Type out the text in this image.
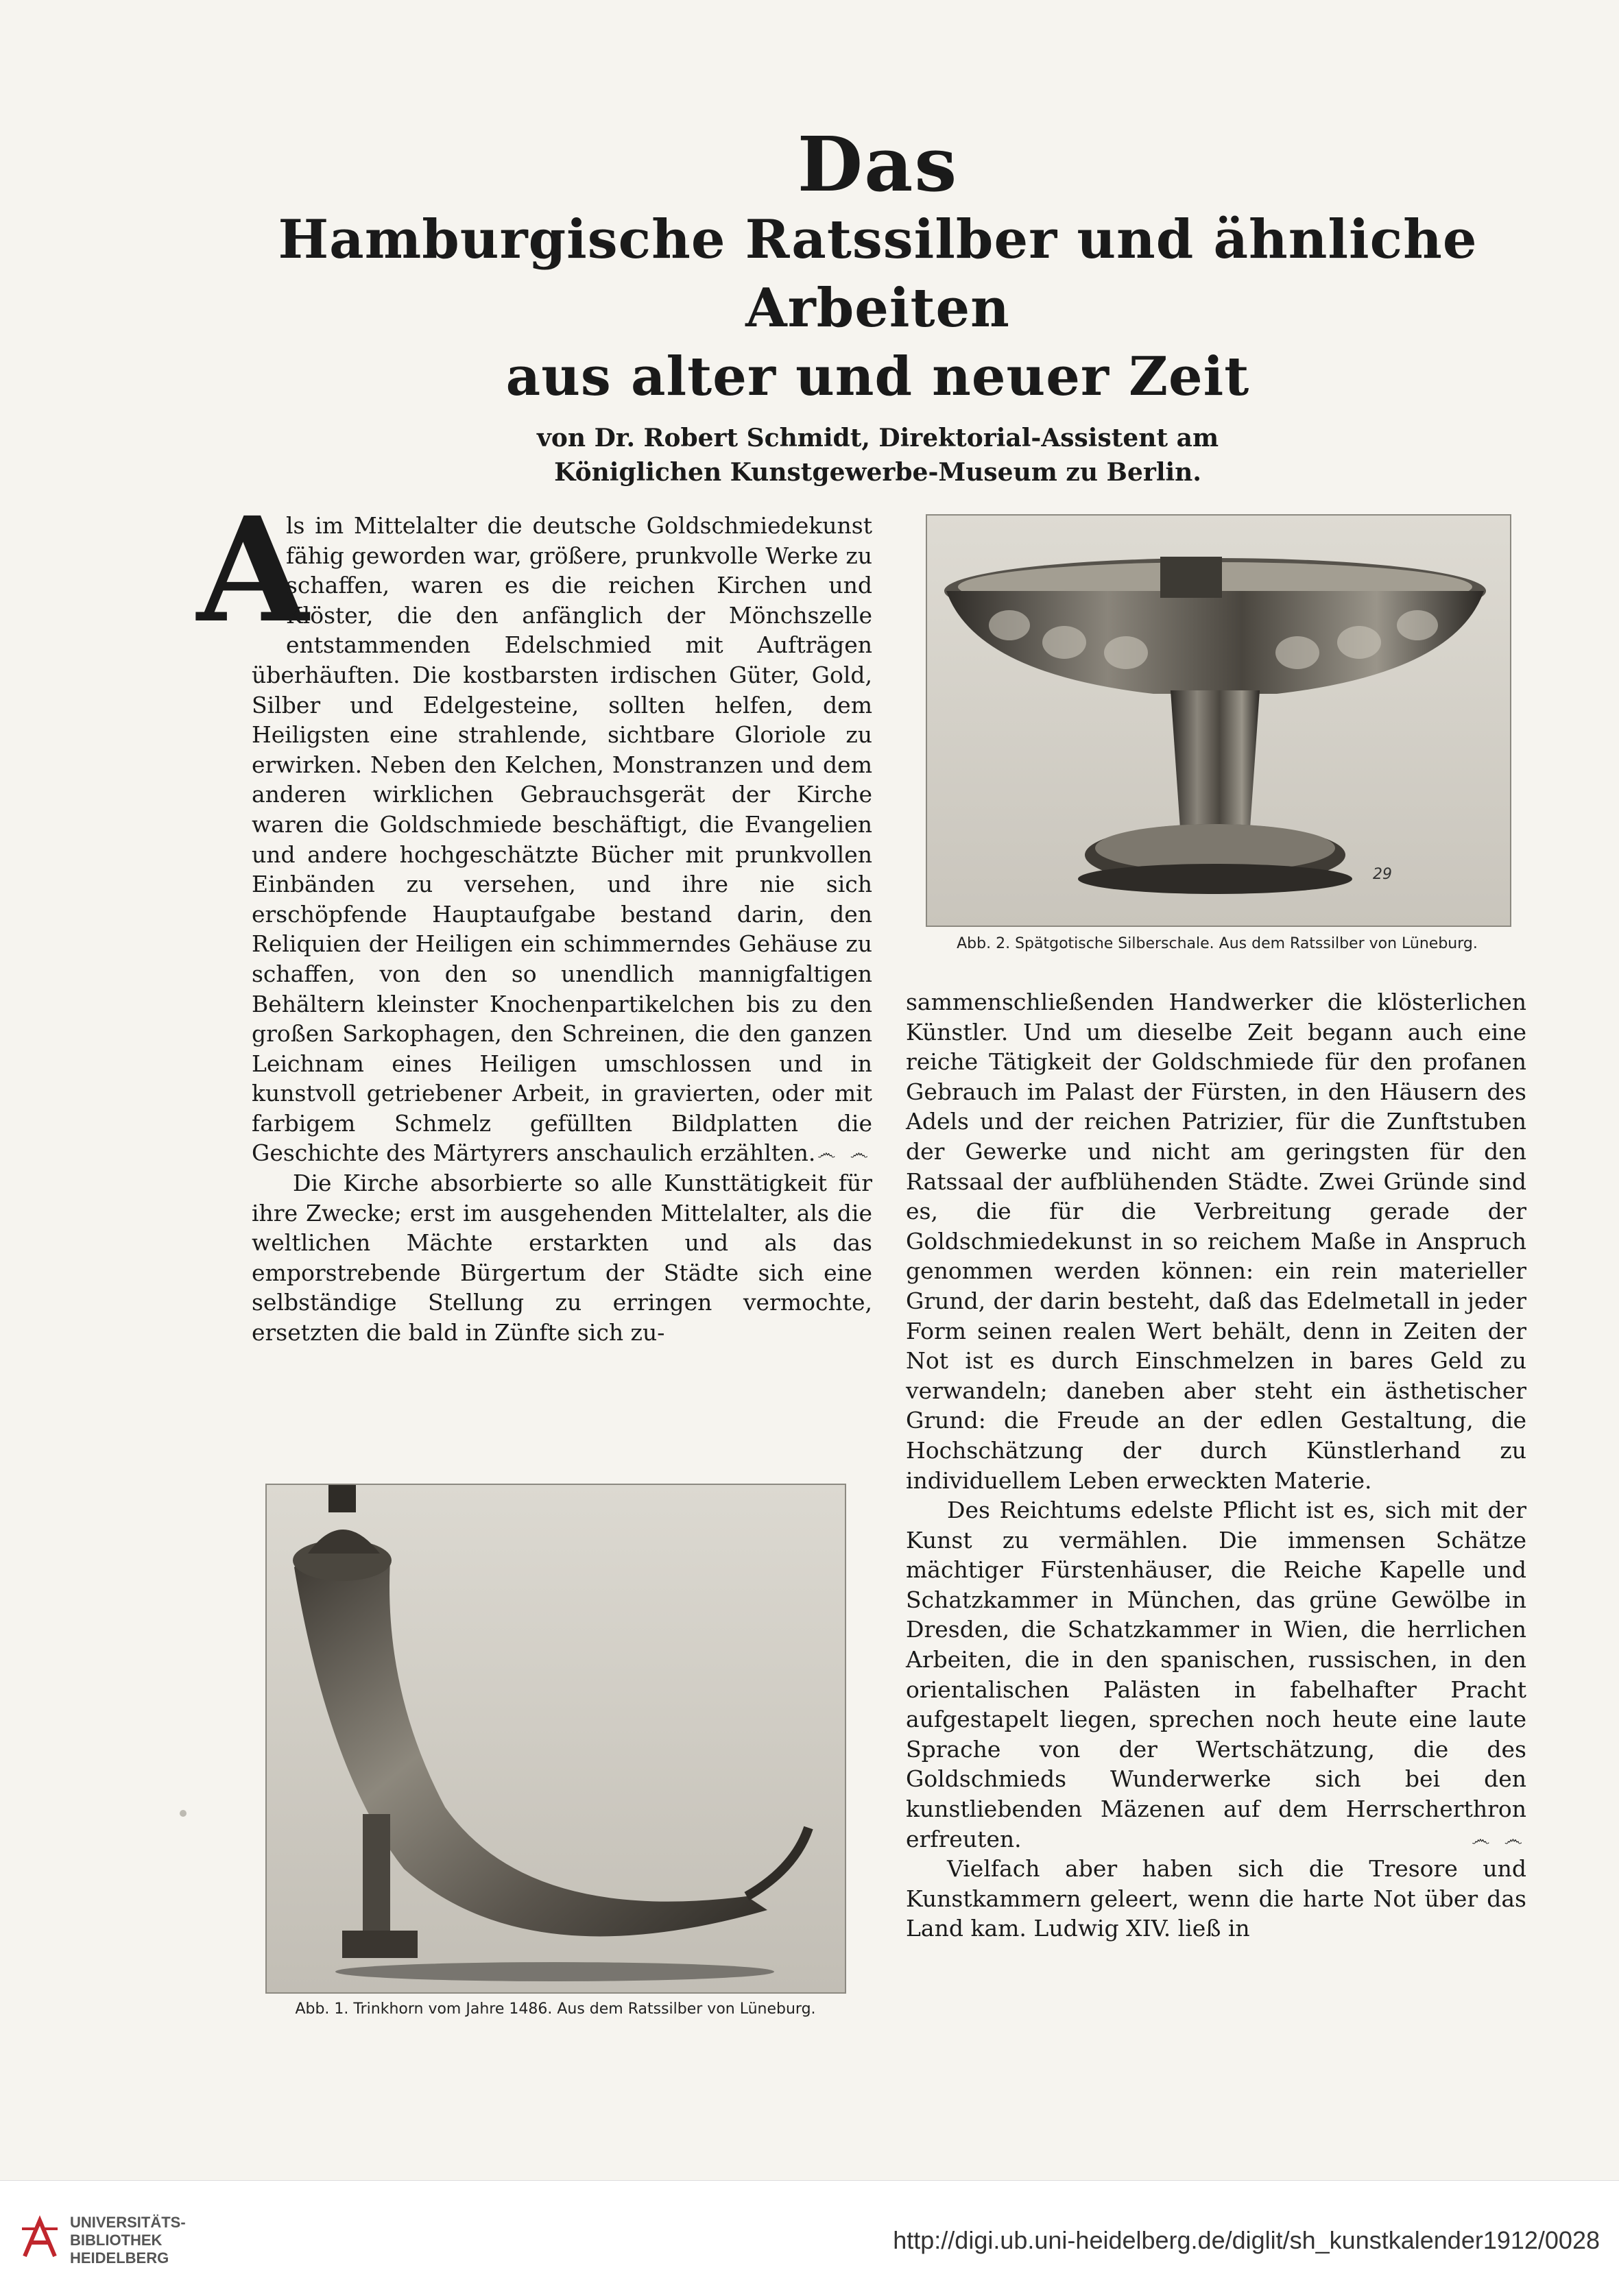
Das
Hamburgische Ratssilber und ähnliche Arbeiten
aus alter und neuer Zeit
von Dr. Robert Schmidt, Direktorial-Assistent am
Königlichen Kunstgewerbe-Museum zu Berlin.

A
ls im Mittelalter die deutsche Goldschmiedekunst fähig geworden war, größere, prunkvolle Werke zu schaffen, waren es die reichen Kirchen und Klöster, die den anfänglich der Mönchszelle entstammenden Edelschmied mit Aufträgen überhäuften. Die kostbarsten irdischen Güter, Gold, Silber und Edelgesteine, sollten helfen, dem Heiligsten eine strahlende, sichtbare Gloriole zu erwirken. Neben den Kelchen, Monstranzen und dem anderen wirklichen Gebrauchsgerät der Kirche waren die Goldschmiede beschäftigt, die Evangelien und andere hochgeschätzte Bücher mit prunkvollen Einbänden zu versehen, und ihre nie sich erschöpfende Hauptaufgabe bestand darin, den Reliquien der Heiligen ein schimmerndes Gehäuse zu schaffen, von den so unendlich mannigfaltigen Behältern kleinster Knochenpartikelchen bis zu den großen Sarkophagen, den Schreinen, die den ganzen Leichnam eines Heiligen umschlossen und in kunstvoll getriebener Arbeit, in gravierten, oder mit farbigem Schmelz gefüllten Bildplatten die Geschichte des Märtyrers anschaulich erzählten. ෴ ෴

Die Kirche absorbierte so alle Kunsttätigkeit für ihre Zwecke; erst im ausgehenden Mittelalter, als die weltlichen Mächte erstarkten und als das emporstrebende Bürgertum der Städte sich eine selbständige Stellung zu erringen vermochte, ersetzten die bald in Zünfte sich zu-

29
Abb. 2. Spätgotische Silberschale. Aus dem Ratssilber von Lüneburg.

sammenschließenden Handwerker die klösterlichen Künstler. Und um dieselbe Zeit begann auch eine reiche Tätigkeit der Goldschmiede für den profanen Gebrauch im Palast der Fürsten, in den Häusern des Adels und der reichen Patrizier, für die Zunftstuben der Gewerke und nicht am geringsten für den Ratssaal der aufblühenden Städte. Zwei Gründe sind es, die für die Verbreitung gerade der Goldschmiedekunst in so reichem Maße in Anspruch genommen werden können: ein rein materieller Grund, der darin besteht, daß das Edelmetall in jeder Form seinen realen Wert behält, denn in Zeiten der Not ist es durch Einschmelzen in bares Geld zu verwandeln; daneben aber steht ein ästhetischer Grund: die Freude an der edlen Gestaltung, die Hochschätzung der durch Künstlerhand zu individuellem Leben erweckten Materie.

Des Reichtums edelste Pflicht ist es, sich mit der Kunst zu vermählen. Die immensen Schätze mächtiger Fürstenhäuser, die Reiche Kapelle und Schatzkammer in München, das grüne Gewölbe in Dresden, die Schatzkammer in Wien, die herrlichen Arbeiten, die in den spanischen, russischen, in den orientalischen Palästen in fabelhafter Pracht aufgestapelt liegen, sprechen noch heute eine laute Sprache von der Wertschätzung, die des Goldschmieds Wunderwerke sich bei den kunstliebenden Mäzenen auf dem Herrscherthron erfreuten.	෴ ෴

Vielfach aber haben sich die Tresore und Kunstkammern geleert, wenn die harte Not über das Land kam. Ludwig XIV. ließ in

Abb. 1. Trinkhorn vom Jahre 1486. Aus dem Ratssilber von Lüneburg.
UNIVERSITÄTS-
BIBLIOTHEK
HEIDELBERG
http://digi.ub.uni-heidelberg.de/diglit/sh_kunstkalender1912/0028
